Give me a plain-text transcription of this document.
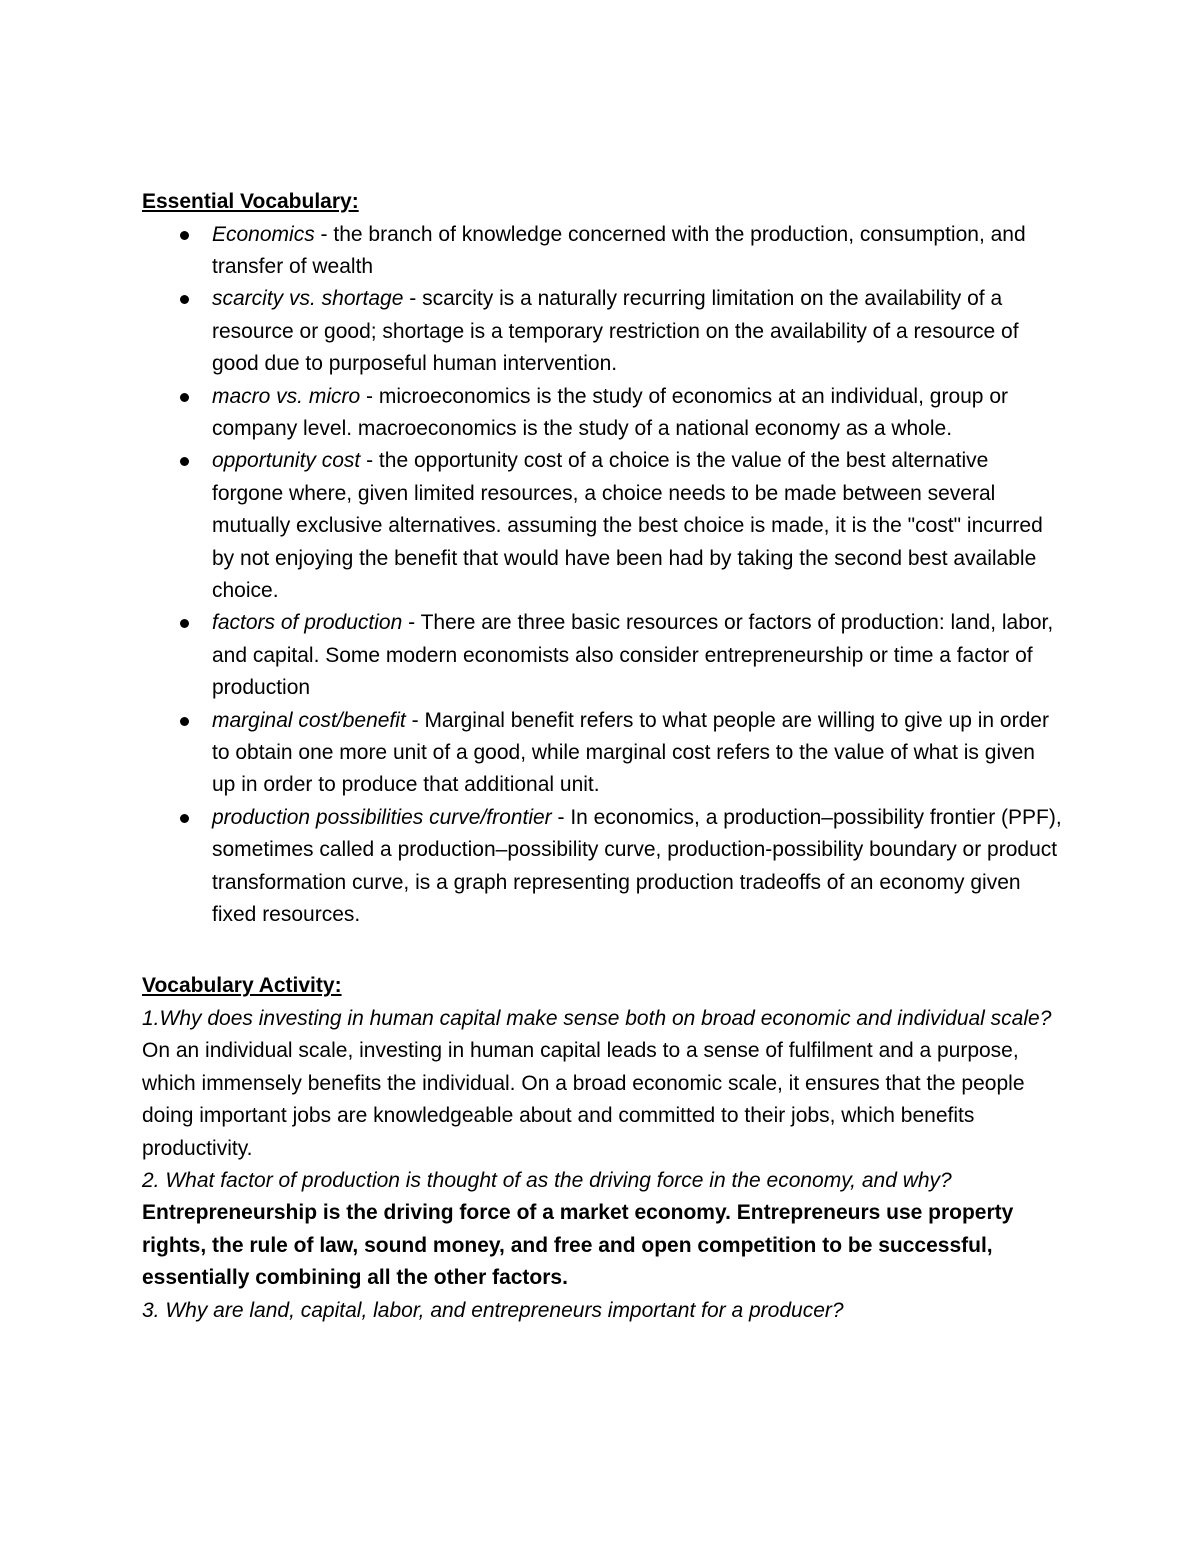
Essential Vocabulary:

Economics - the branch of knowledge concerned with the production, consumption, and transfer of wealth
scarcity vs. shortage - scarcity is a naturally recurring limitation on the availability of a resource or good; shortage is a temporary restriction on the availability of a resource of good due to purposeful human intervention.
macro vs. micro - microeconomics is the study of economics at an individual, group or company level. macroeconomics is the study of a national economy as a whole.
opportunity cost - the opportunity cost of a choice is the value of the best alternative forgone where, given limited resources, a choice needs to be made between several mutually exclusive alternatives. assuming the best choice is made, it is the "cost" incurred by not enjoying the benefit that would have been had by taking the second best available choice.
factors of production - There are three basic resources or factors of production: land, labor, and capital. Some modern economists also consider entrepreneurship or time a factor of production
marginal cost/benefit - Marginal benefit refers to what people are willing to give up in order to obtain one more unit of a good, while marginal cost refers to the value of what is given up in order to produce that additional unit.
production possibilities curve/frontier - In economics, a production–possibility frontier (PPF), sometimes called a production–possibility curve, production-possibility boundary or product transformation curve, is a graph representing production tradeoffs of an economy given fixed resources.

Vocabulary Activity:

1.Why does investing in human capital make sense both on broad economic and individual scale?

On an individual scale, investing in human capital leads to a sense of fulfilment and a purpose, which immensely benefits the individual. On a broad economic scale, it ensures that the people doing important jobs are knowledgeable about and committed to their jobs, which benefits productivity.

2. What factor of production is thought of as the driving force in the economy, and why?

Entrepreneurship is the driving force of a market economy. Entrepreneurs use property rights, the rule of law, sound money, and free and open competition to be successful, essentially combining all the other factors.

3. Why are land, capital, labor, and entrepreneurs important for a producer?
